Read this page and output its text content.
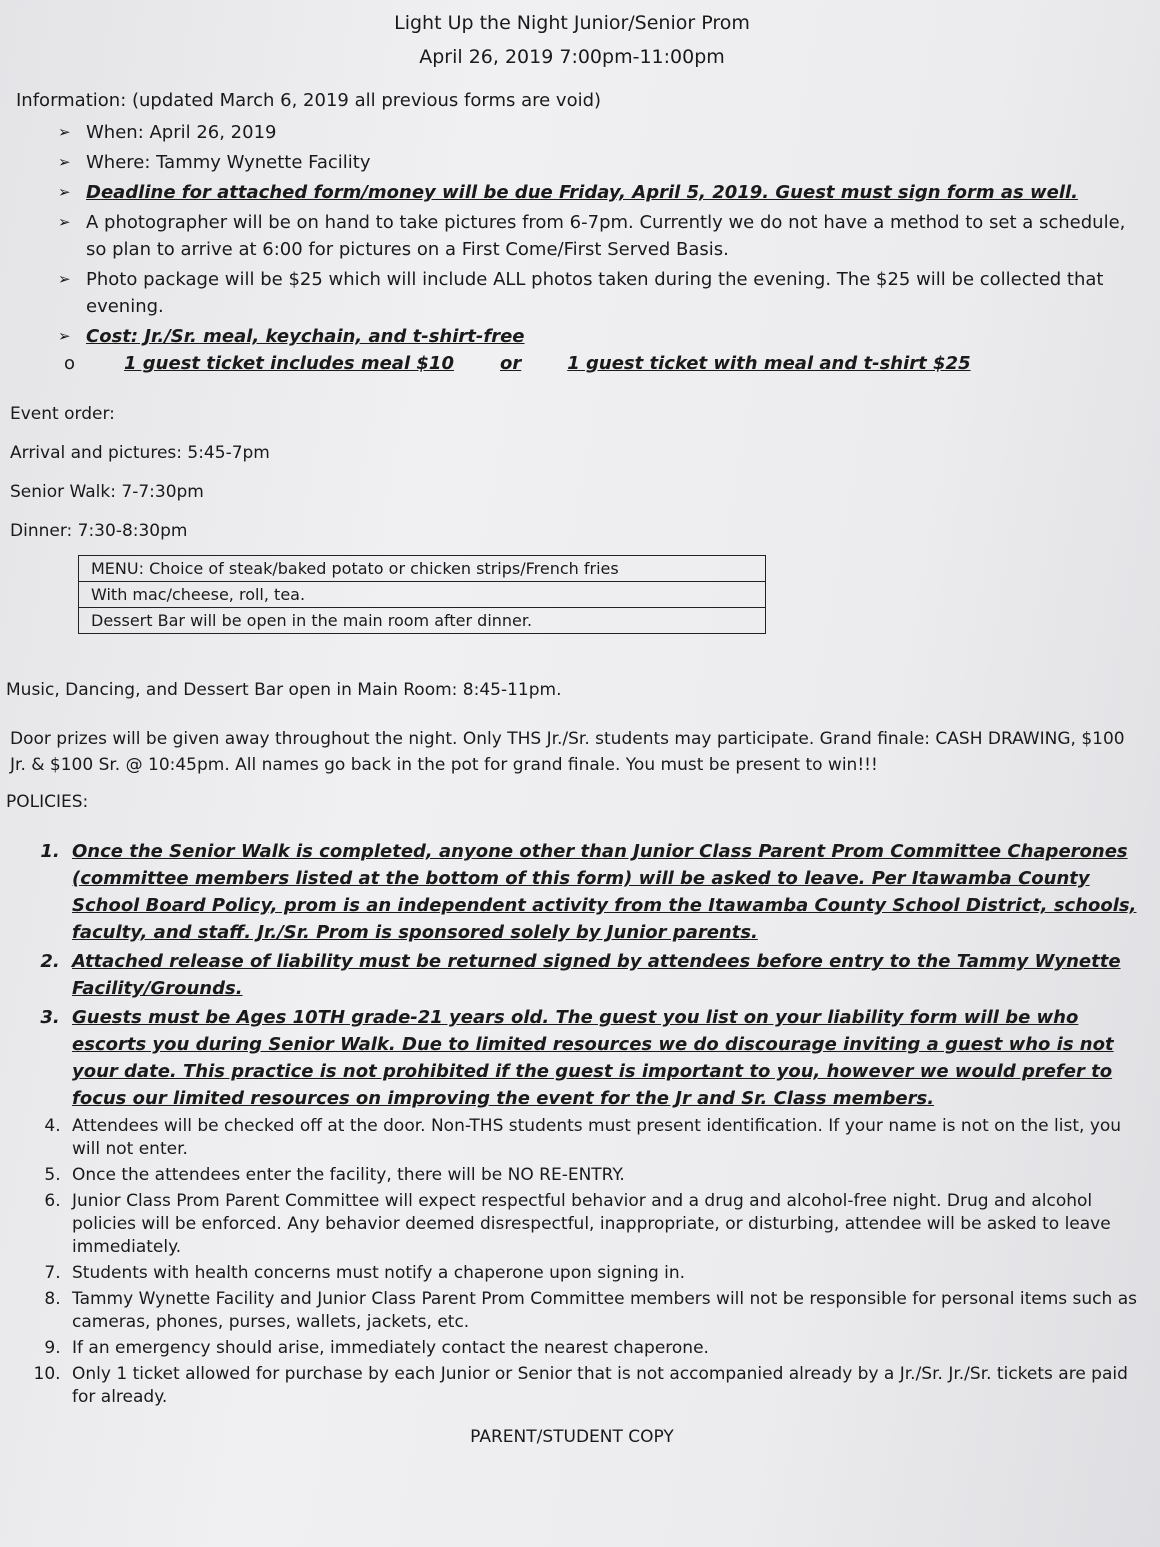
Light Up the Night Junior/Senior Prom

April 26, 2019 7:00pm-11:00pm

Information: (updated March 6, 2019 all previous forms are void)

➢ When: April 26, 2019
➢ Where: Tammy Wynette Facility
➢ Deadline for attached form/money will be due Friday, April 5, 2019. Guest must sign form as well.
➢ A photographer will be on hand to take pictures from 6-7pm. Currently we do not have a method to set a schedule, so plan to arrive at 6:00 for pictures on a First Come/First Served Basis.
➢ Photo package will be $25 which will include ALL photos taken during the evening. The $25 will be collected that evening.
➢ Cost: Jr./Sr. meal, keychain, and t-shirt-free
o	1 guest ticket includes meal $10	or	1 guest ticket with meal and t-shirt $25

Event order:

Arrival and pictures: 5:45-7pm

Senior Walk: 7-7:30pm

Dinner: 7:30-8:30pm

MENU: Choice of steak/baked potato or chicken strips/French fries
With mac/cheese, roll, tea.
Dessert Bar will be open in the main room after dinner.

Music, Dancing, and Dessert Bar open in Main Room: 8:45-11pm.

Door prizes will be given away throughout the night. Only THS Jr./Sr. students may participate. Grand finale: CASH DRAWING, $100 Jr. & $100 Sr. @ 10:45pm. All names go back in the pot for grand finale. You must be present to win!!!

POLICIES:

1. Once the Senior Walk is completed, anyone other than Junior Class Parent Prom Committee Chaperones (committee members listed at the bottom of this form) will be asked to leave. Per Itawamba County School Board Policy, prom is an independent activity from the Itawamba County School District, schools, faculty, and staff. Jr./Sr. Prom is sponsored solely by Junior parents.
2. Attached release of liability must be returned signed by attendees before entry to the Tammy Wynette Facility/Grounds.
3. Guests must be Ages 10TH grade-21 years old. The guest you list on your liability form will be who escorts you during Senior Walk. Due to limited resources we do discourage inviting a guest who is not your date. This practice is not prohibited if the guest is important to you, however we would prefer to focus our limited resources on improving the event for the Jr and Sr. Class members.
4. Attendees will be checked off at the door. Non-THS students must present identification. If your name is not on the list, you will not enter.
5. Once the attendees enter the facility, there will be NO RE-ENTRY.
6. Junior Class Prom Parent Committee will expect respectful behavior and a drug and alcohol-free night. Drug and alcohol policies will be enforced. Any behavior deemed disrespectful, inappropriate, or disturbing, attendee will be asked to leave immediately.
7. Students with health concerns must notify a chaperone upon signing in.
8. Tammy Wynette Facility and Junior Class Parent Prom Committee members will not be responsible for personal items such as cameras, phones, purses, wallets, jackets, etc.
9. If an emergency should arise, immediately contact the nearest chaperone.
10. Only 1 ticket allowed for purchase by each Junior or Senior that is not accompanied already by a Jr./Sr. Jr./Sr. tickets are paid for already.

PARENT/STUDENT COPY
